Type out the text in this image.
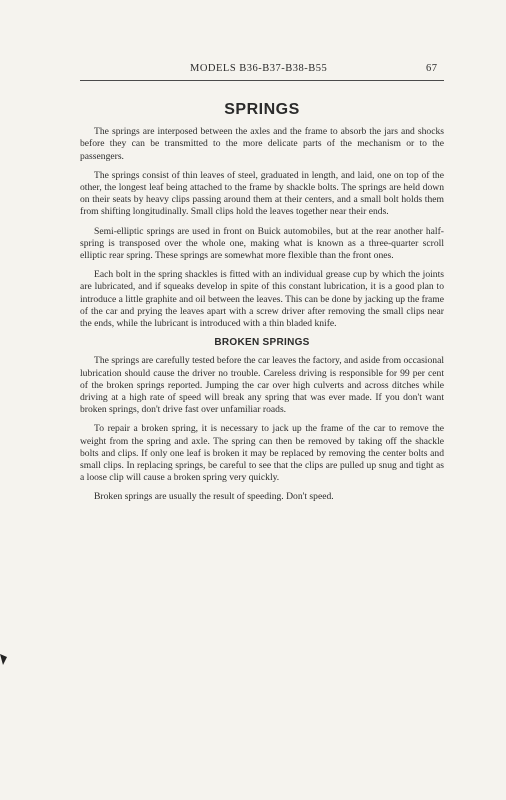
MODELS B36-B37-B38-B55	67
SPRINGS

The springs are interposed between the axles and the frame to absorb the jars and shocks before they can be transmitted to the more delicate parts of the mechanism or to the passengers.

The springs consist of thin leaves of steel, graduated in length, and laid, one on top of the other, the longest leaf being attached to the frame by shackle bolts. The springs are held down on their seats by heavy clips passing around them at their centers, and a small bolt holds them from shifting longitudinally. Small clips hold the leaves together near their ends.

Semi-elliptic springs are used in front on Buick automobiles, but at the rear another half-spring is transposed over the whole one, making what is known as a three-quarter scroll elliptic rear spring. These springs are somewhat more flexible than the front ones.

Each bolt in the spring shackles is fitted with an individual grease cup by which the joints are lubricated, and if squeaks develop in spite of this constant lubrication, it is a good plan to introduce a little graphite and oil between the leaves. This can be done by jacking up the frame of the car and prying the leaves apart with a screw driver after removing the small clips near the ends, while the lubricant is introduced with a thin bladed knife.

BROKEN SPRINGS

The springs are carefully tested before the car leaves the factory, and aside from occasional lubrication should cause the driver no trouble. Careless driving is responsible for 99 per cent of the broken springs reported. Jumping the car over high culverts and across ditches while driving at a high rate of speed will break any spring that was ever made. If you don't want broken springs, don't drive fast over unfamiliar roads.

To repair a broken spring, it is necessary to jack up the frame of the car to remove the weight from the spring and axle. The spring can then be removed by taking off the shackle bolts and clips. If only one leaf is broken it may be replaced by removing the center bolts and small clips. In replacing springs, be careful to see that the clips are pulled up snug and tight as a loose clip will cause a broken spring very quickly.

Broken springs are usually the result of speeding. Don't speed.
